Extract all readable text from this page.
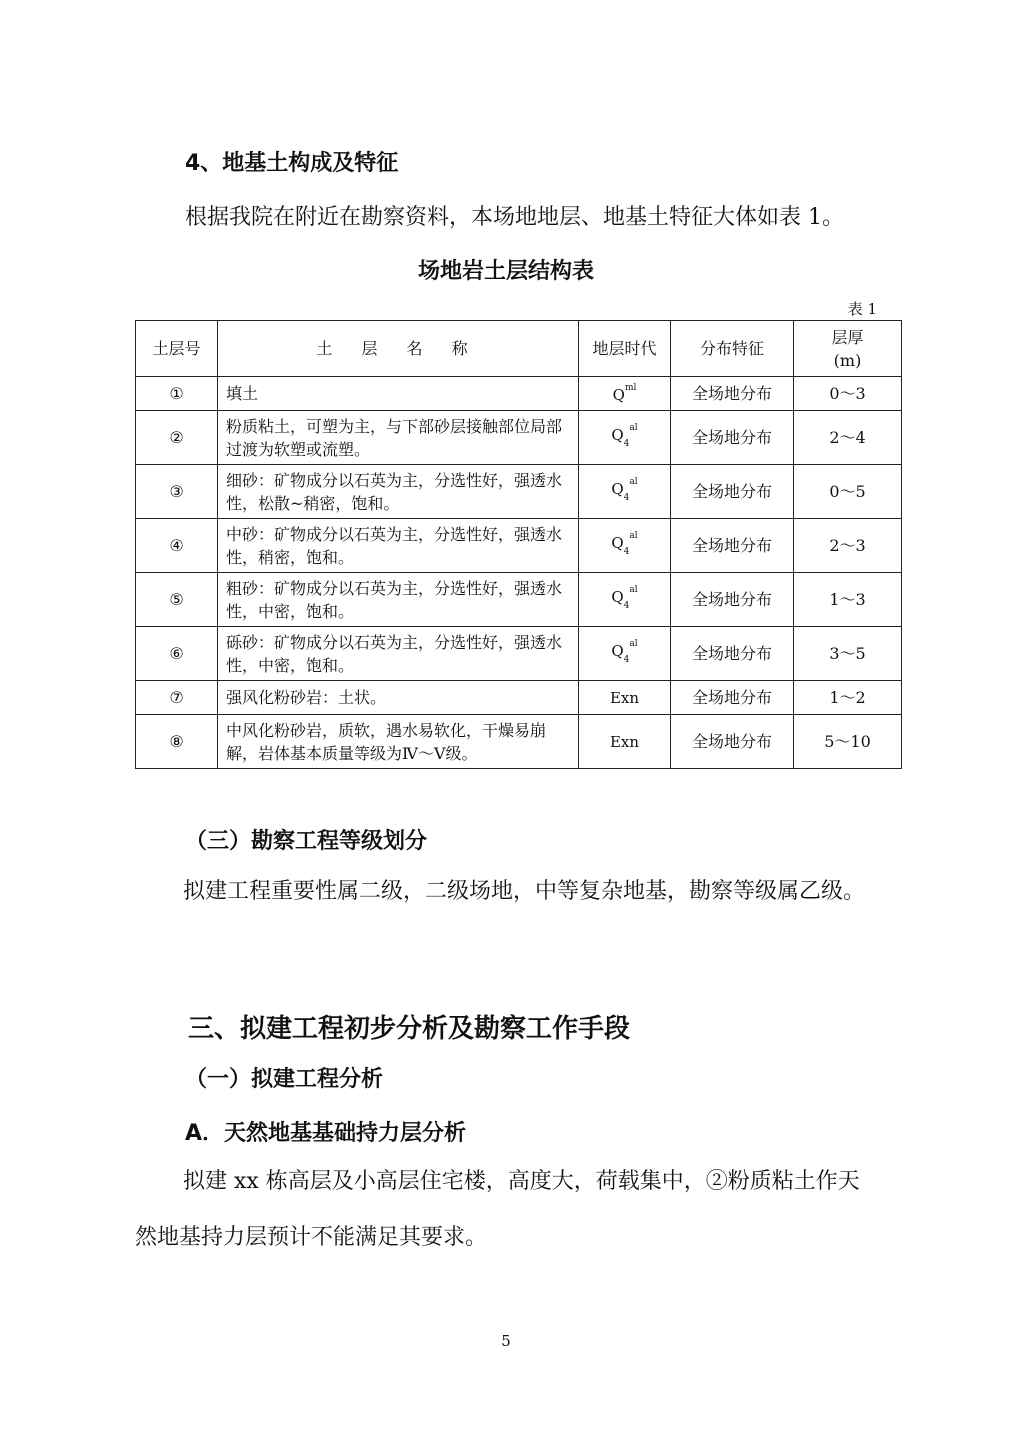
4、地基土构成及特征
根据我院在附近在勘察资料，本场地地层、地基土特征大体如表 1。
场地岩土层结构表
表 1
土层号	土 层 名 称	地层时代	分布特征	层厚
(m)

①	填土	$Q^{ml}$	全场地分布	0～3
②	粉质粘土，可塑为主，与下部砂层接触部位局部过渡为软塑或流塑。	$Q_4^{al}$	全场地分布	2～4
③	细砂：矿物成分以石英为主，分选性好，强透水性，松散~稍密，饱和。	$Q_4^{al}$	全场地分布	0～5
④	中砂：矿物成分以石英为主，分选性好，强透水性，稍密，饱和。	$Q_4^{al}$	全场地分布	2～3
⑤	粗砂：矿物成分以石英为主，分选性好，强透水性，中密，饱和。	$Q_4^{al}$	全场地分布	1～3
⑥	砾砂：矿物成分以石英为主，分选性好，强透水性，中密，饱和。	$Q_4^{al}$	全场地分布	3～5
⑦	强风化粉砂岩：土状。	Exn	全场地分布	1～2
⑧	中风化粉砂岩，质软，遇水易软化，干燥易崩解，岩体基本质量等级为Ⅳ～Ⅴ级。	Exn	全场地分布	5～10
（三）勘察工程等级划分
拟建工程重要性属二级，二级场地，中等复杂地基，勘察等级属乙级。
三、拟建工程初步分析及勘察工作手段
（一）拟建工程分析
A．天然地基基础持力层分析
拟建 xx 栋高层及小高层住宅楼，高度大，荷载集中，②粉质粘土作天然地基持力层预计不能满足其要求。
5
